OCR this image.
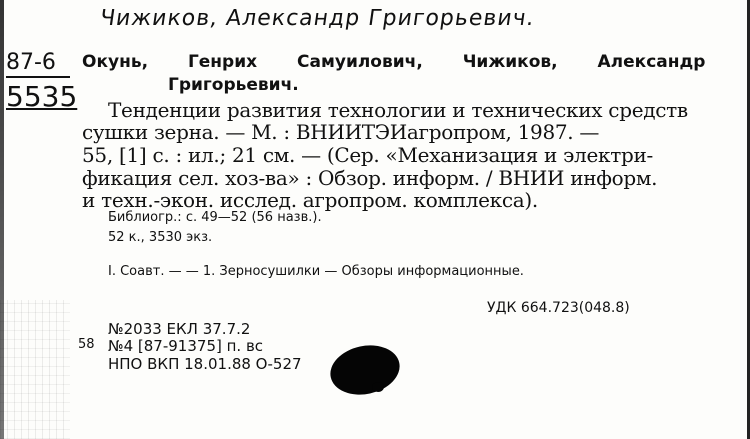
Чижиков, Александр Григорьевич.
87-6
5535
Окунь, Генрих Самуилович, Чижиков, Александр
Григорьевич.
Тенденции развития технологии и технических средств
сушки зерна. — М. : ВНИИТЭИагропром, 1987. —
55, [1] с. : ил.; 21 см. — (Сер. «Механизация и электри-
фикация сел. хоз-ва» : Обзор. информ. / ВНИИ информ.
и техн.-экон. исслед. агропром. комплекса).
Библиогр.: с. 49—52 (56 назв.).
52 к., 3530 экз.
I. Соавт. — — 1. Зерносушилки — Обзоры информационные.
УДК 664.723(048.8)
№2033 ЕКЛ 37.7.2
58 №4 [87-91375] п. вс
НПО ВКП 18.01.88 О-527
